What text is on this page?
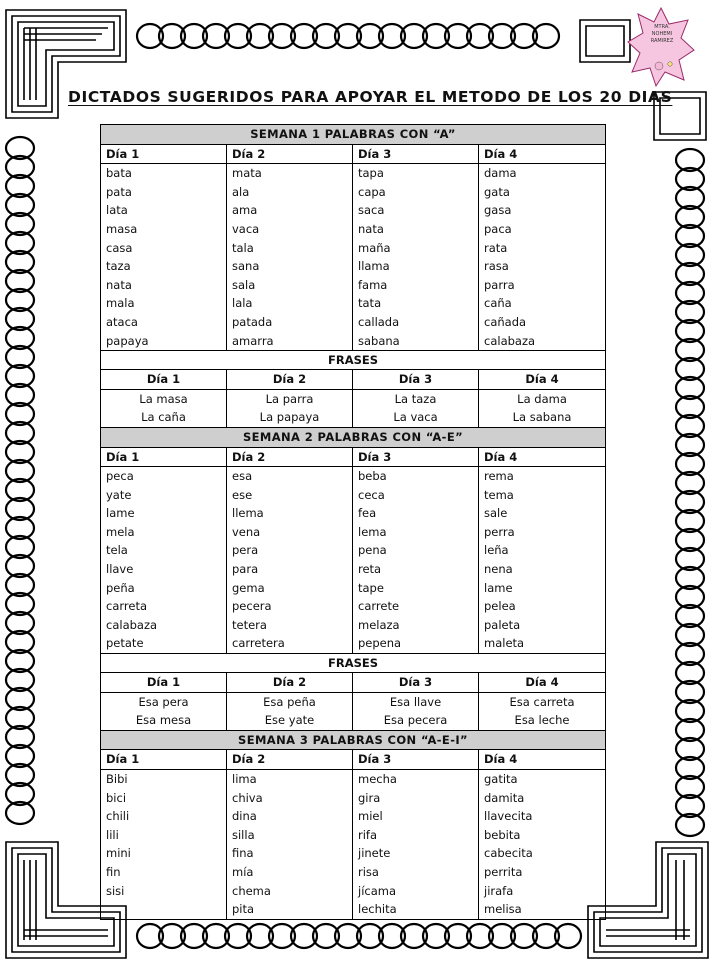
MTRA.
NOHEMI
RAMIREZ
DICTADOS SUGERIDOS PARA APOYAR EL METODO DE LOS 20 DIAS
SEMANA 1 PALABRAS CON “A”			
Día 1	Día 2	Día 3	Día 4
bata	mata	tapa	dama
pata	ala	capa	gata
lata	ama	saca	gasa
masa	vaca	nata	paca
casa	tala	maña	rata
taza	sana	llama	rasa
nata	sala	fama	parra
mala	lala	tata	caña
ataca	patada	callada	cañada
papaya	amarra	sabana	calabaza
FRASES			
Día 1	Día 2	Día 3	Día 4
La masa	La parra	La taza	La dama
La caña	La papaya	La vaca	La sabana
SEMANA 2 PALABRAS CON “A-E”			
Día 1	Día 2	Día 3	Día 4
peca	esa	beba	rema
yate	ese	ceca	tema
lame	llema	fea	sale
mela	vena	lema	perra
tela	pera	pena	leña
llave	para	reta	nena
peña	gema	tape	lame
carreta	pecera	carrete	pelea
calabaza	tetera	melaza	paleta
petate	carretera	pepena	maleta
FRASES			
Día 1	Día 2	Día 3	Día 4
Esa pera	Esa peña	Esa llave	Esa carreta
Esa mesa	Ese yate	Esa pecera	Esa leche
SEMANA 3 PALABRAS CON “A-E-I”			
Día 1	Día 2	Día 3	Día 4
Bibi	lima	mecha	gatita
bici	chiva	gira	damita
chili	dina	miel	llavecita
lili	silla	rifa	bebita
mini	fina	jinete	cabecita
fin	mía	risa	perrita
sisi	chema	jícama	jirafa
	pita	lechita	melisa
